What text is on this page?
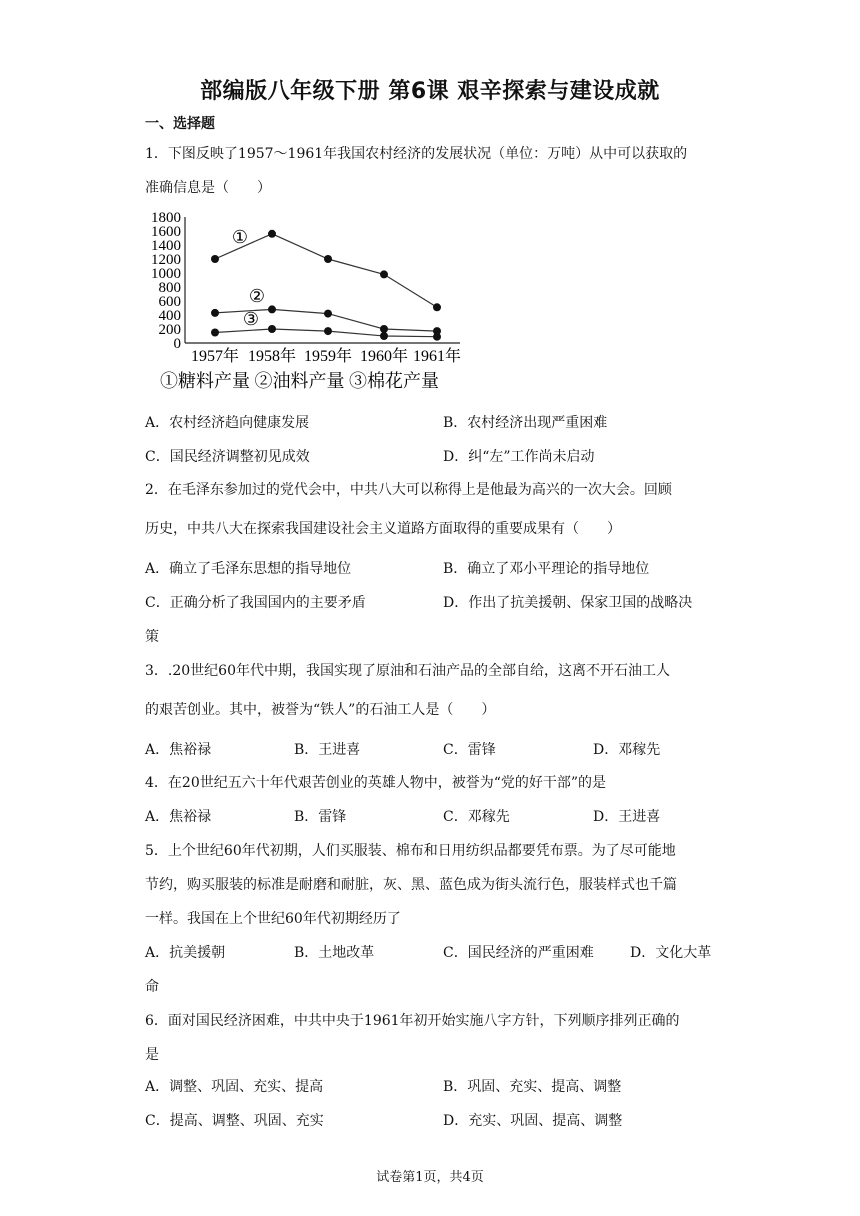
部编版八年级下册 第6课 艰辛探索与建设成就
一、选择题
1．下图反映了1957～1961年我国农村经济的发展状况（单位：万吨）从中可以获取的
准确信息是（　　）
1800
1600
1400
1200
1000
800
600
400
200
0
1957年 1958年 1959年 1960年 1961年
①
②
③
①糖料产量 ②油料产量 ③棉花产量
A．农村经济趋向健康发展	B．农村经济出现严重困难
C．国民经济调整初见成效	D．纠“左”工作尚未启动
2．在毛泽东参加过的党代会中，中共八大可以称得上是他最为高兴的一次大会。回顾
历史，中共八大在探索我国建设社会主义道路方面取得的重要成果有（　　）
A．确立了毛泽东思想的指导地位	B．确立了邓小平理论的指导地位
C．正确分析了我国国内的主要矛盾	D．作出了抗美援朝、保家卫国的战略决
策
3．.20世纪60年代中期，我国实现了原油和石油产品的全部自给，这离不开石油工人
的艰苦创业。其中，被誉为“铁人”的石油工人是（　　）
A．焦裕禄	B．王进喜	C．雷锋	D．邓稼先
4．在20世纪五六十年代艰苦创业的英雄人物中，被誉为“党的好干部”的是
A．焦裕禄	B．雷锋	C．邓稼先	D．王进喜
5．上个世纪60年代初期，人们买服装、棉布和日用纺织品都要凭布票。为了尽可能地
节约，购买服装的标准是耐磨和耐脏，灰、黑、蓝色成为街头流行色，服装样式也千篇
一样。我国在上个世纪60年代初期经历了
A．抗美援朝	B．土地改革	C．国民经济的严重困难	D．文化大革
命
6．面对国民经济困难，中共中央于1961年初开始实施八字方针，下列顺序排列正确的
是
A．调整、巩固、充实、提高	B．巩固、充实、提高、调整
C．提高、调整、巩固、充实	D．充实、巩固、提高、调整
试卷第1页，共4页
